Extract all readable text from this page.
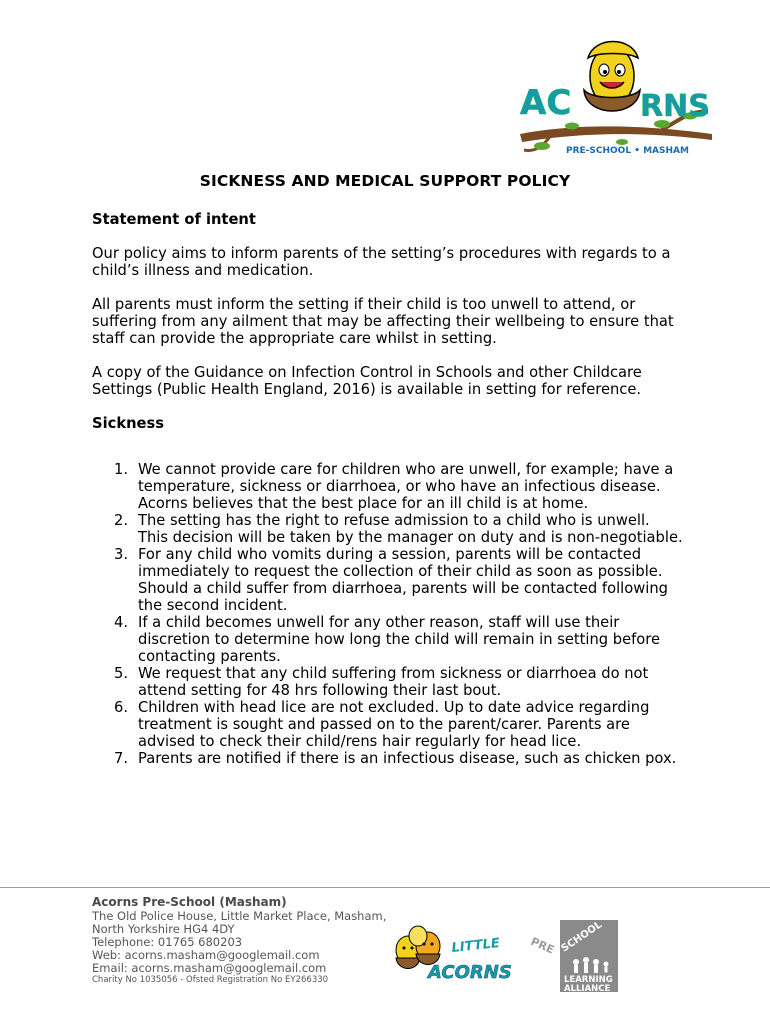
AC RNS
PRE-SCHOOL • MASHAM
SICKNESS AND MEDICAL SUPPORT POLICY
Statement of intent
Our policy aims to inform parents of the setting’s procedures with regards to a child’s illness and medication.
All parents must inform the setting if their child is too unwell to attend, or suffering from any ailment that may be affecting their wellbeing to ensure that staff can provide the appropriate care whilst in setting.
A copy of the Guidance on Infection Control in Schools and other Childcare Settings (Public Health England, 2016) is available in setting for reference.
Sickness
1. We cannot provide care for children who are unwell, for example; have a temperature, sickness or diarrhoea, or who have an infectious disease. Acorns believes that the best place for an ill child is at home.
2. The setting has the right to refuse admission to a child who is unwell. This decision will be taken by the manager on duty and is non-negotiable.
3. For any child who vomits during a session, parents will be contacted immediately to request the collection of their child as soon as possible. Should a child suffer from diarrhoea, parents will be contacted following the second incident.
4. If a child becomes unwell for any other reason, staff will use their discretion to determine how long the child will remain in setting before contacting parents.
5. We request that any child suffering from sickness or diarrhoea do not attend setting for 48 hrs following their last bout.
6. Children with head lice are not excluded. Up to date advice regarding treatment is sought and passed on to the parent/carer. Parents are advised to check their child/rens hair regularly for head lice.
7. Parents are notified if there is an infectious disease, such as chicken pox.
Acorns Pre-School (Masham)
The Old Police House, Little Market Place, Masham,
North Yorkshire HG4 4DY
Telephone: 01765 680203
Web: acorns.masham@googlemail.com
Email: acorns.masham@googlemail.com
Charity No 1035056 - Ofsted Registration No EY266330
LITTLE
ACORNS
PRE SCHOOL
LEARNING
ALLIANCE
